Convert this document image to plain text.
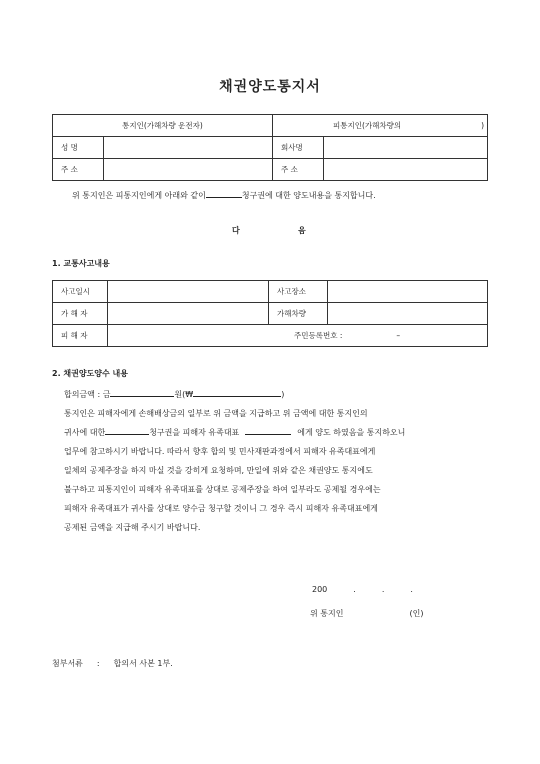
채권양도통지서
통지인(가해차량 운전자)		피통지인(가해차량의 )	
성 명		회사명	
주 소		주 소	
위 통지인은 피통지인에게 아래와 같이	청구권에 대한 양도내용을 통지합니다.
다	음
1. 교통사고내용
사고일시		사고장소	
가 해 자		가해차량	
피 해 자	주민등록번호 : –		
2. 채권양도양수 내용
합의금액 : 금	원(₩	)
통지인은 피해자에게 손해배상금의 일부로 위 금액을 지급하고 위 금액에 대한 통지인의
귀사에 대한	청구권을 피해자 유족대표	에게 양도 하였음을 통지하오니
업무에 참고하시기 바랍니다. 따라서 향후 합의 및 민사재판과정에서 피해자 유족대표에게
일체의 공제주장을 하지 마실 것을 강히게 요청하며, 만일에 위와 같은 채권양도 통지에도
불구하고 피통지인이 피해자 유족대표를 상대로 공제주장을 하여 일부라도 공제될 경우에는
피해자 유족대표가 귀사를 상대로 양수금 청구할 것이니 그 경우 즉시 피해자 유족대표에게
공제된 금액을 지급해 주시기 바랍니다.
200	.	.	.
위 통지인	(인)
첨부서류 : 합의서 사본 1부.
